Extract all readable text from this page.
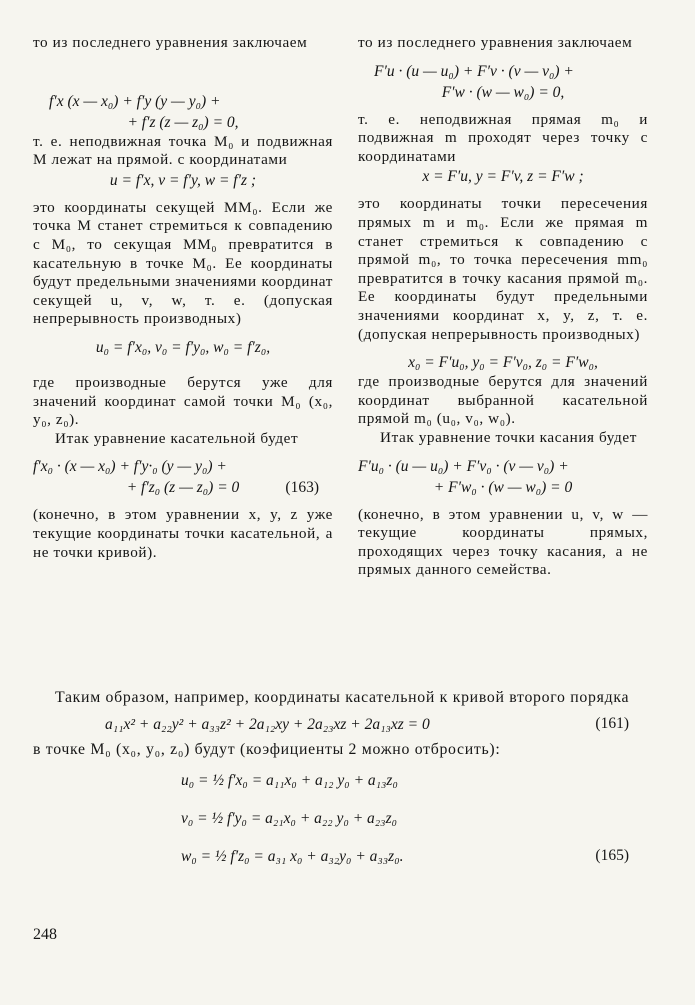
то из последнего уравнения заключаем

f′x (x — x₀) + f′y (y — y₀) +

+ f′z (z — z₀) = 0,

т. е. неподвижная точка M₀ и подвижная M лежат на прямой. с координатами

u = f′x, v = f′y, w = f′z ;

это координаты секущей MM₀. Если же точка M станет стремиться к совпадению с M₀, то секущая MM₀ превратится в касательную в точке M₀. Ее координаты будут предельными значениями координат секущей u, v, w, т. е. (допуская непрерывность производных)

u₀ = f′x₀, v₀ = f′y₀, w₀ = f′z₀,

где производные берутся уже для значений координат самой точки M₀ (x₀, y₀, z₀).

Итак уравнение касательной будет

f′x₀ · (x — x₀) + f′y·₀ (y — y₀) +

+ f′z₀ (z — z₀) = 0	(163)

(конечно, в этом уравнении x, y, z уже текущие координаты точки касательной, а не точки кривой).

то из последнего уравнения заключаем

F′u · (u — u₀) + F′v · (v — v₀) +

F′w · (w — w₀) = 0,

т. е. неподвижная прямая m₀ и подвижная m проходят через точку с координатами

x = F′u, y = F′v, z = F′w ;

это координаты точки пересечения прямых m и m₀. Если же прямая m станет стремиться к совпадению с прямой m₀, то точка пересечения mm₀ превратится в точку касания прямой m₀. Ее координаты будут предельными значениями координат x, y, z, т. е. (допуская непрерывность производных)

x₀ = F′u₀, y₀ = F′v₀, z₀ = F′w₀,

где производные берутся для значений координат выбранной касательной прямой m₀ (u₀, v₀, w₀).

Итак уравнение точки касания будет

F′u₀ · (u — u₀) + F′v₀ · (v — v₀) +

+ F′w₀ · (w — w₀) = 0

(конечно, в этом уравнении u, v, w — текущие координаты прямых, проходящих через точку касания, а не прямых данного семейства.

Таким образом, например, координаты касательной к кривой второго порядка

a₁₁x² + a₂₂y² + a₃₃z² + 2a₁₂xy + 2a₂₃xz + 2a₁₃xz = 0	(161)

в точке M₀ (x₀, y₀, z₀) будут (коэфициенты 2 можно отбросить):

u₀ = ½ f′x₀ = a₁₁x₀ + a₁₂ y₀ + a₁₃z₀

v₀ = ½ f′y₀ = a₂₁x₀ + a₂₂ y₀ + a₂₃z₀

w₀ = ½ f′z₀ = a₃₁ x₀ + a₃₂y₀ + a₃₃z₀.	(165)
248
